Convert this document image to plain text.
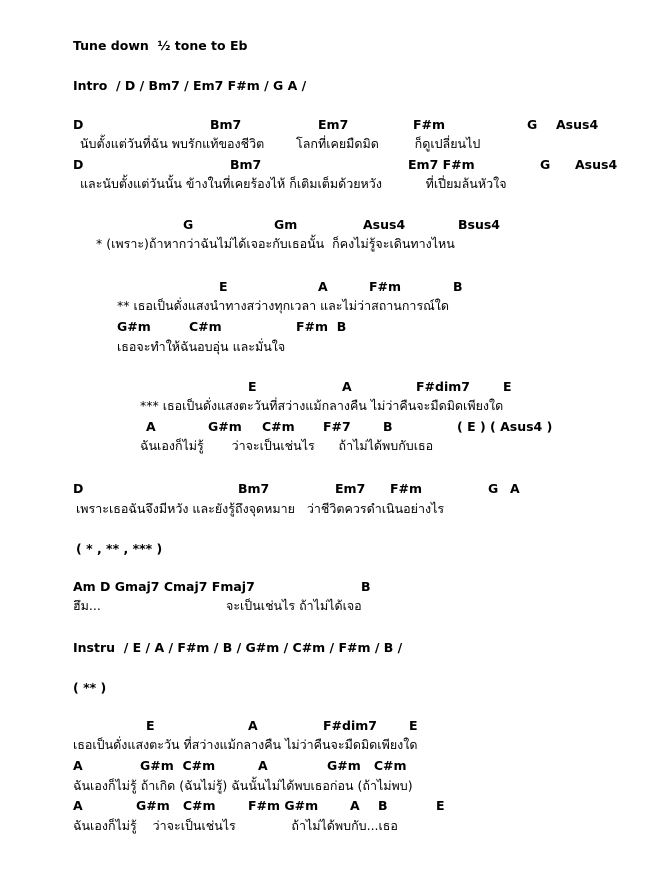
Tune down  ½ tone to Eb
Intro  / D / Bm7 / Em7 F#m / G A /
นับตั้งแต่วันที่ฉัน พบรักแท้ของชีวิต        โลกที่เคยมืดมิด         ก็ดูเปลี่ยนไป
และนับตั้งแต่วันนั้น ข้างในที่เคยร้องไห้ ก็เติมเต็มด้วยหวัง           ที่เปี่ยมล้นหัวใจ
* (เพราะ)ถ้าหากว่าฉันไม่ได้เจอะกับเธอนั้น  ก็คงไม่รู้จะเดินทางไหน
** เธอเป็นดั่งแสงนำทางสว่างทุกเวลา และไม่ว่าสถานการณ์ใด
เธอจะทำให้ฉันอบอุ่น และมั่นใจ
*** เธอเป็นดั่งแสงตะวันที่สว่างแม้กลางคืน ไม่ว่าคืนจะมืดมิดเพียงใด
ฉันเองก็ไม่รู้       ว่าจะเป็นเช่นไร      ถ้าไม่ได้พบกับเธอ
เพราะเธอฉันจึงมีหวัง และยังรู้ถึงจุดหมาย   ว่าชีวิตควรดำเนินอย่างไร
( * , ** , *** )
ฮึม...	จะเป็นเช่นไร ถ้าไม่ได้เจอ
Instru  / E / A / F#m / B / G#m / C#m / F#m / B /
( ** )
เธอเป็นดั่งแสงตะวัน ที่สว่างแม้กลางคืน ไม่ว่าคืนจะมืดมิดเพียงใด
ฉันเองก็ไม่รู้ ถ้าเกิด (ฉันไม่รู้) ฉันนั้นไม่ได้พบเธอก่อน (ถ้าไม่พบ)
ฉันเองก็ไม่รู้    ว่าจะเป็นเช่นไร              ถ้าไม่ได้พบกับ...เธอ
D	Bm7	Em7	F#m	G Asus4
D	Bm7	Em7 F#m	G Asus4
G	Gm	Asus4	Bsus4
E	A	F#m	B
G#m	C#m	F#m  B
E	A	F#dim7	E
A	G#m C#m F#7	B	( E ) ( Asus4 )
D	Bm7	Em7 F#m	G A
Am D Gmaj7 Cmaj7 Fmaj7	B
E	A	F#dim7	E
A	G#m  C#m	A	G#m   C#m
A	G#m   C#m	F#m G#m	A B	E
